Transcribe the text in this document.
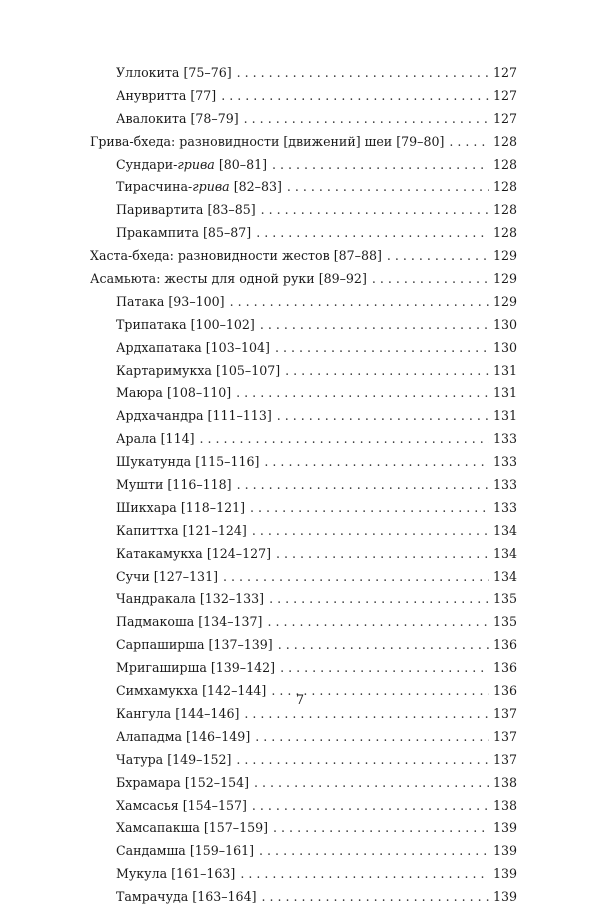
Уллокита [75–76] . . .	127
Анувритта [77] . . .	127
Авалокита [78–79] . . .	127
Грива-бхеда: разновидности [движений] шеи [79–80] . . .	128
Сундари-грива [80–81] . . .	128
Тирасчина-грива [82–83] . . .	128
Паривартита [83–85] . . .	128
Пракампита [85–87] . . .	128
Хаста-бхеда: разновидности жестов [87–88] . . .	129
Асамьюта: жесты для одной руки [89–92] . . .	129
Патака [93–100] . . .	129
Трипатака [100–102] . . .	130
Ардхапатака [103–104] . . .	130
Картаримукха [105–107] . . .	131
Маюра [108–110] . . .	131
Ардхачандра [111–113] . . .	131
Арала [114] . . .	133
Шукатунда [115–116] . . .	133
Мушти [116–118] . . .	133
Шикхара [118–121] . . .	133
Капиттха [121–124] . . .	134
Катакамукха [124–127] . . .	134
Сучи [127–131] . . .	134
Чандракала [132–133] . . .	135
Падмакоша [134–137] . . .	135
Сарпаширша [137–139] . . .	136
Мригаширша [139–142] . . .	136
Симхамукха [142–144] . . .	136
Кангула [144–146] . . .	137
Алападма [146–149] . . .	137
Чатура [149–152] . . .	137
Бхрамара [152–154] . . .	138
Хамсасья [154–157] . . .	138
Хамсапакша [157–159] . . .	139
Сандамша [159–161] . . .	139
Мукула [161–163] . . .	139
Тамрачуда [163–164] . . .	139
7
